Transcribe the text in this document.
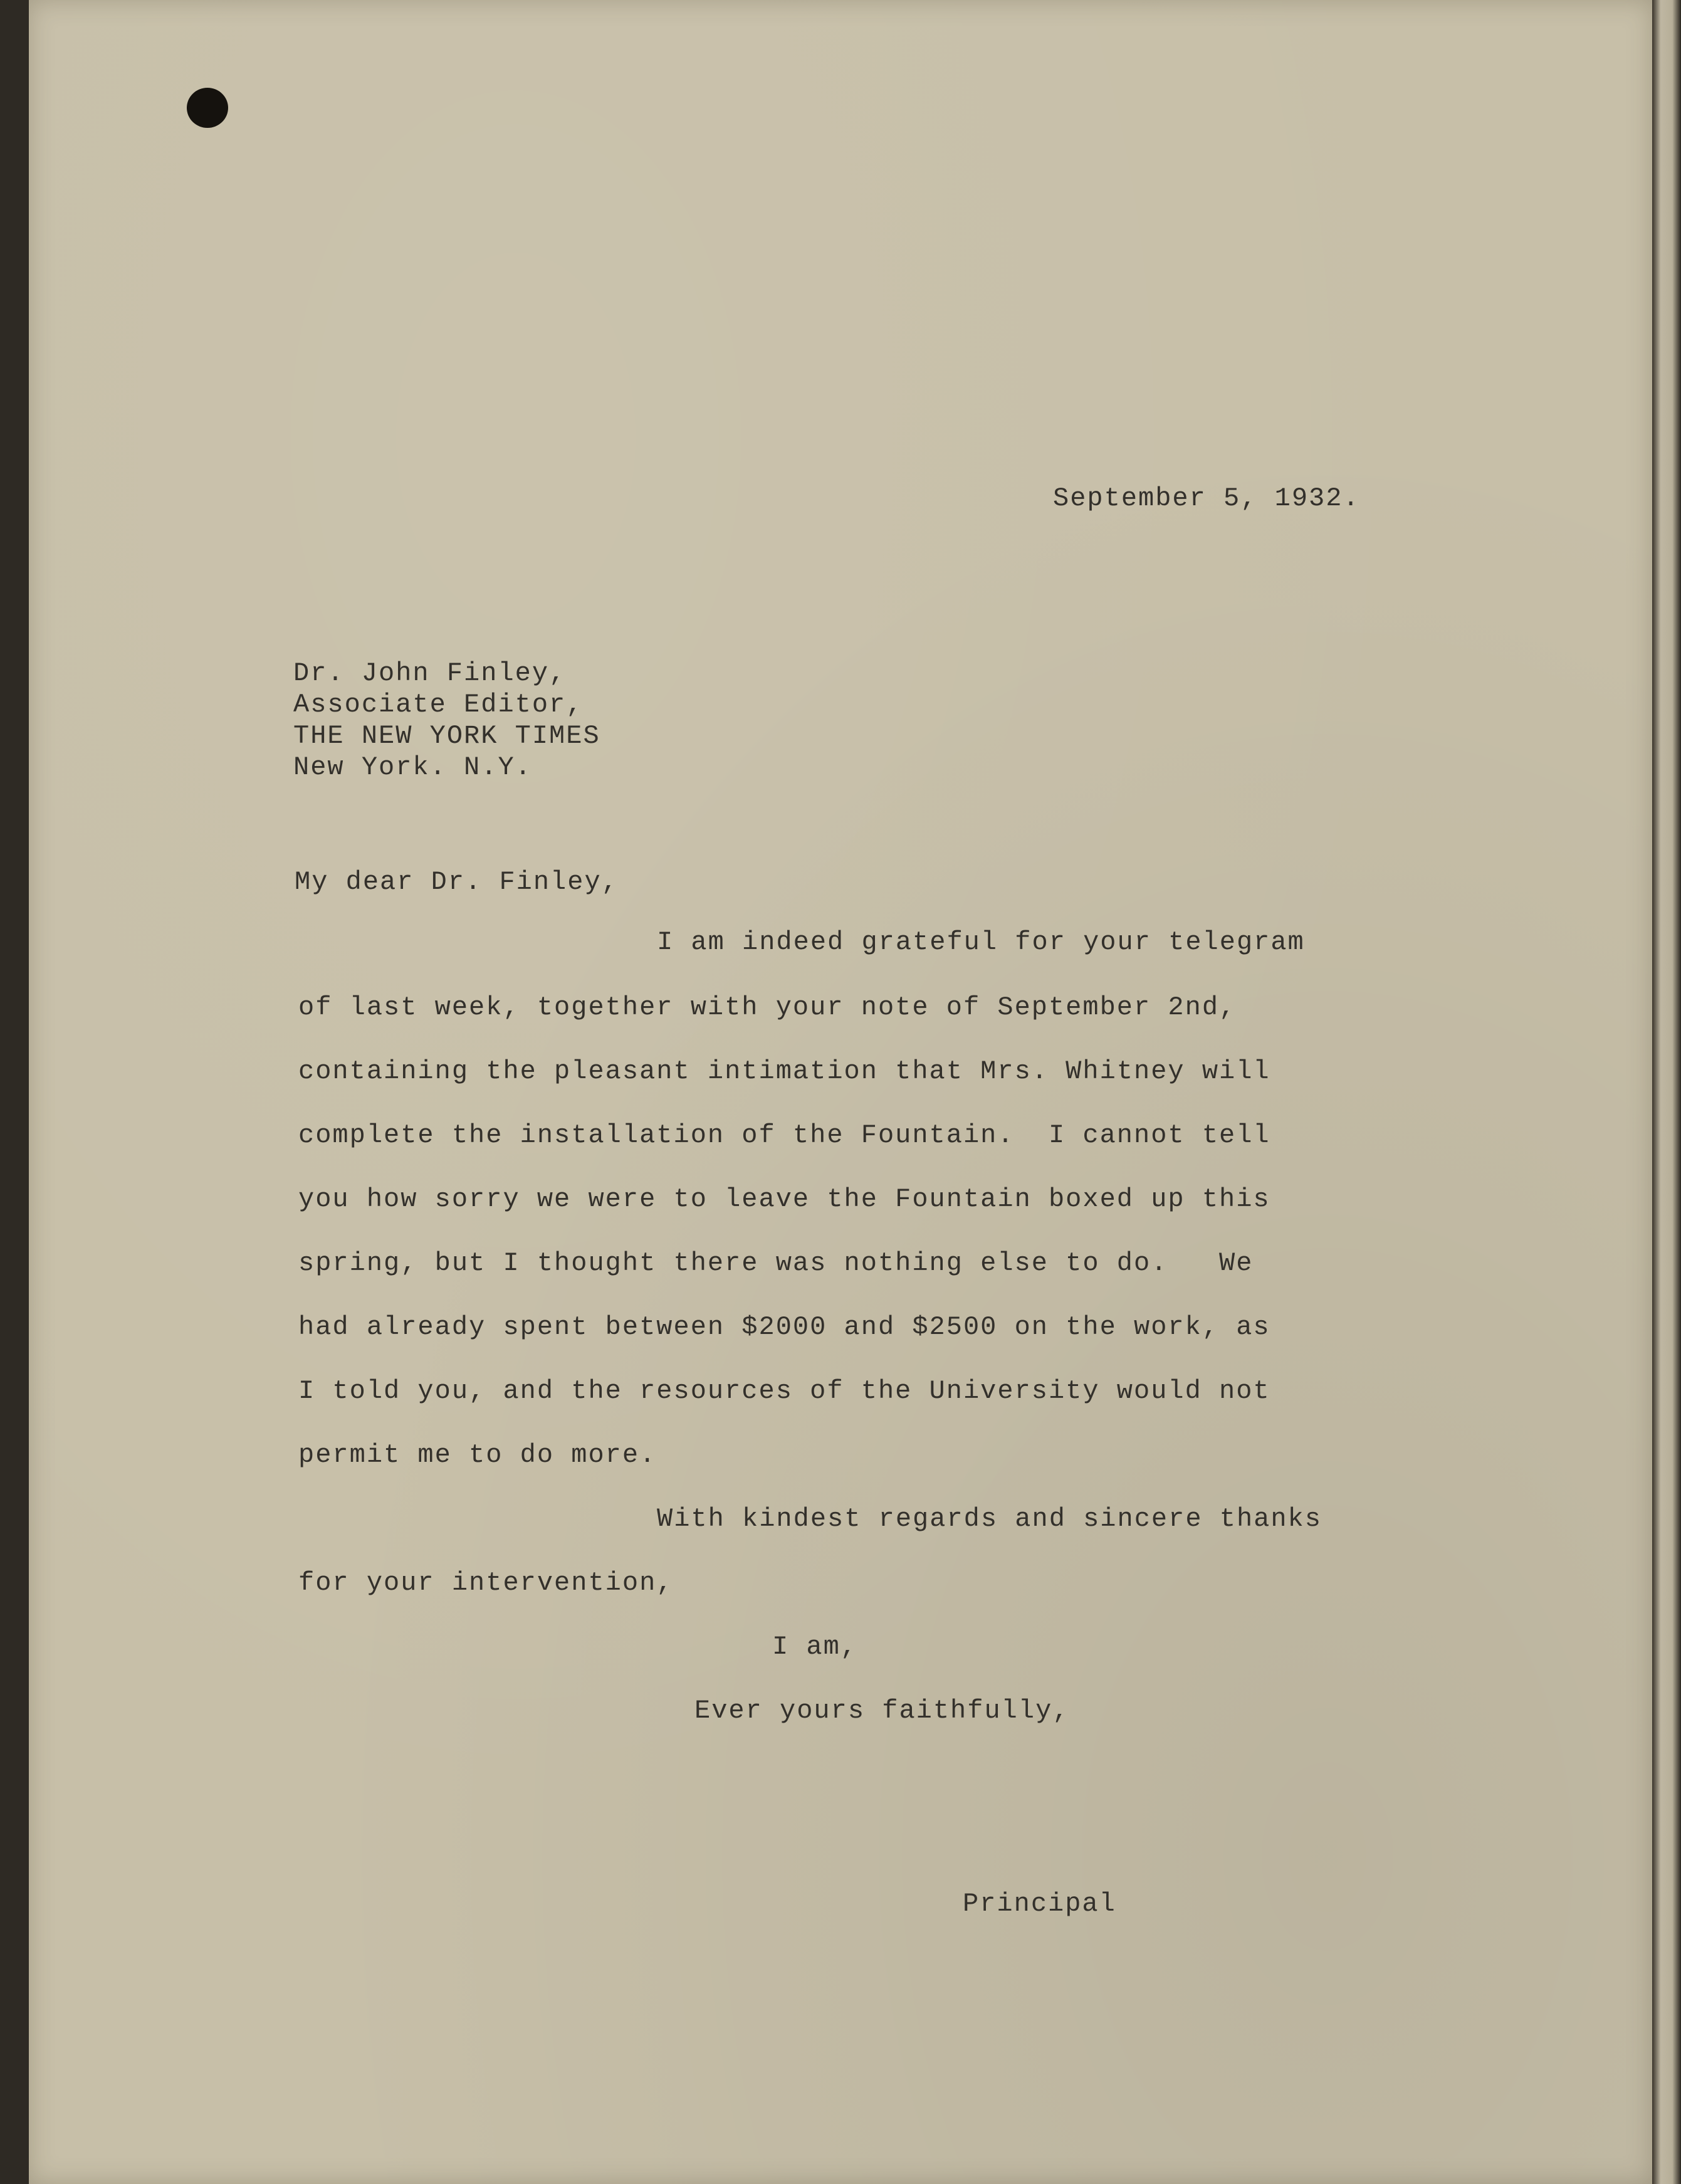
September 5, 1932.
Dr. John Finley,
Associate Editor,
THE NEW YORK TIMES
New York. N.Y.
My dear Dr. Finley,
I am indeed grateful for your telegram
of last week, together with your note of September 2nd,
containing the pleasant intimation that Mrs. Whitney will
complete the installation of the Fountain.  I cannot tell
you how sorry we were to leave the Fountain boxed up this
spring, but I thought there was nothing else to do.   We
had already spent between $2000 and $2500 on the work, as
I told you, and the resources of the University would not
permit me to do more.
With kindest regards and sincere thanks
for your intervention,
I am,
Ever yours faithfully,
Principal
